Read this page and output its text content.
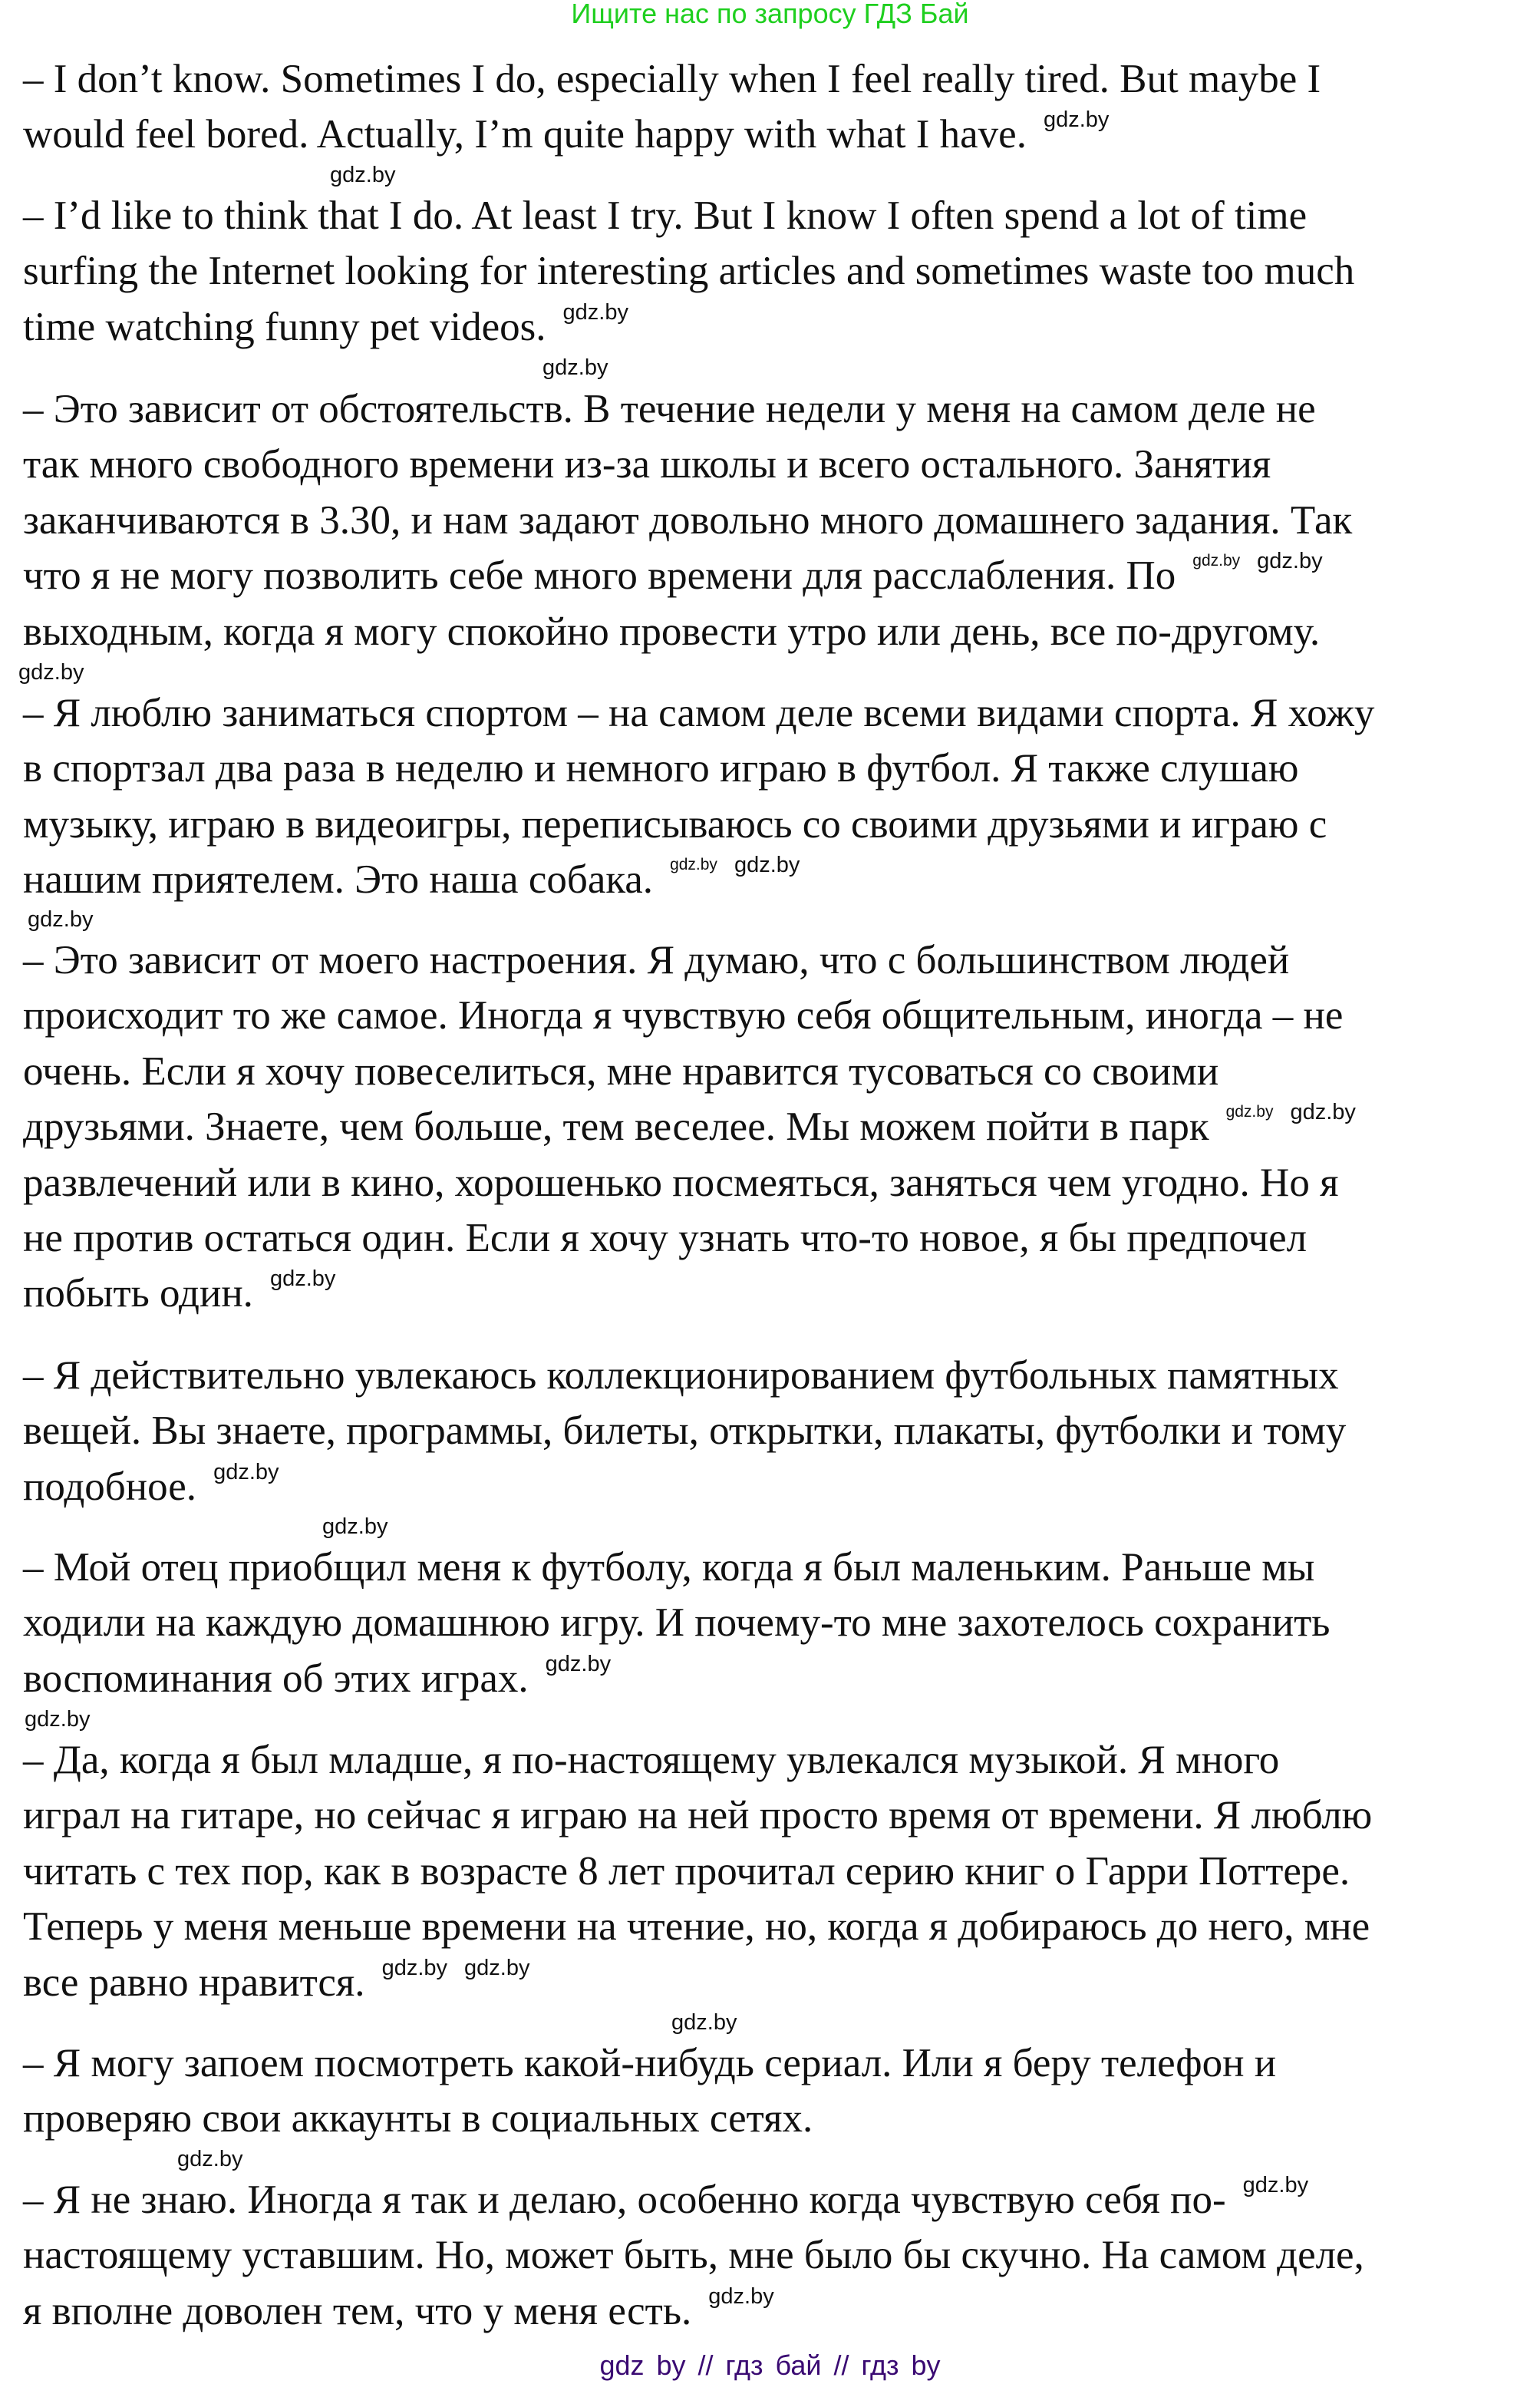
Ищите нас по запросу ГДЗ Бай
– I don’t know. Sometimes I do, especially when I feel really tired. But maybe I
would feel bored. Actually, I’m quite happy with what I have. gdz.by
– I’d like to think that I do. At least I try. But I know I often spend a lot of time
surfing the Internet looking for interesting articles and sometimes waste too much
time watching funny pet videos. gdz.by
– Это зависит от обстоятельств. В течение недели у меня на самом деле не
так много свободного времени из-за школы и всего остального. Занятия
заканчиваются в 3.30, и нам задают довольно много домашнего задания. Так
что я не могу позволить себе много времени для расслабления. По gdz.by gdz.by
выходным, когда я могу спокойно провести утро или день, все по-другому.
– Я люблю заниматься спортом – на самом деле всеми видами спорта. Я хожу
в спортзал два раза в неделю и немного играю в футбол. Я также слушаю
музыку, играю в видеоигры, переписываюсь со своими друзьями и играю с
нашим приятелем. Это наша собака. gdz.by gdz.by
– Это зависит от моего настроения. Я думаю, что с большинством людей
происходит то же самое. Иногда я чувствую себя общительным, иногда – не
очень. Если я хочу повеселиться, мне нравится тусоваться со своими
друзьями. Знаете, чем больше, тем веселее. Мы можем пойти в парк gdz.by gdz.by
развлечений или в кино, хорошенько посмеяться, заняться чем угодно. Но я
не против остаться один. Если я хочу узнать что-то новое, я бы предпочел
побыть один. gdz.by
– Я действительно увлекаюсь коллекционированием футбольных памятных
вещей. Вы знаете, программы, билеты, открытки, плакаты, футболки и тому
подобное. gdz.by
– Мой отец приобщил меня к футболу, когда я был маленьким. Раньше мы
ходили на каждую домашнюю игру. И почему-то мне захотелось сохранить
воспоминания об этих играх. gdz.by
– Да, когда я был младше, я по-настоящему увлекался музыкой. Я много
играл на гитаре, но сейчас я играю на ней просто время от времени. Я люблю
читать с тех пор, как в возрасте 8 лет прочитал серию книг о Гарри Поттере.
Теперь у меня меньше времени на чтение, но, когда я добираюсь до него, мне
все равно нравится. gdz.by gdz.by
– Я могу запоем посмотреть какой-нибудь сериал. Или я беру телефон и
проверяю свои аккаунты в социальных сетях.
– Я не знаю. Иногда я так и делаю, особенно когда чувствую себя по- gdz.by
настоящему уставшим. Но, может быть, мне было бы скучно. На самом деле,
я вполне доволен тем, что у меня есть. gdz.by
gdz by // гдз бай // гдз by
gdz.by
gdz.by
gdz.by
gdz.by
gdz.by
gdz.by
gdz.by
gdz.by
